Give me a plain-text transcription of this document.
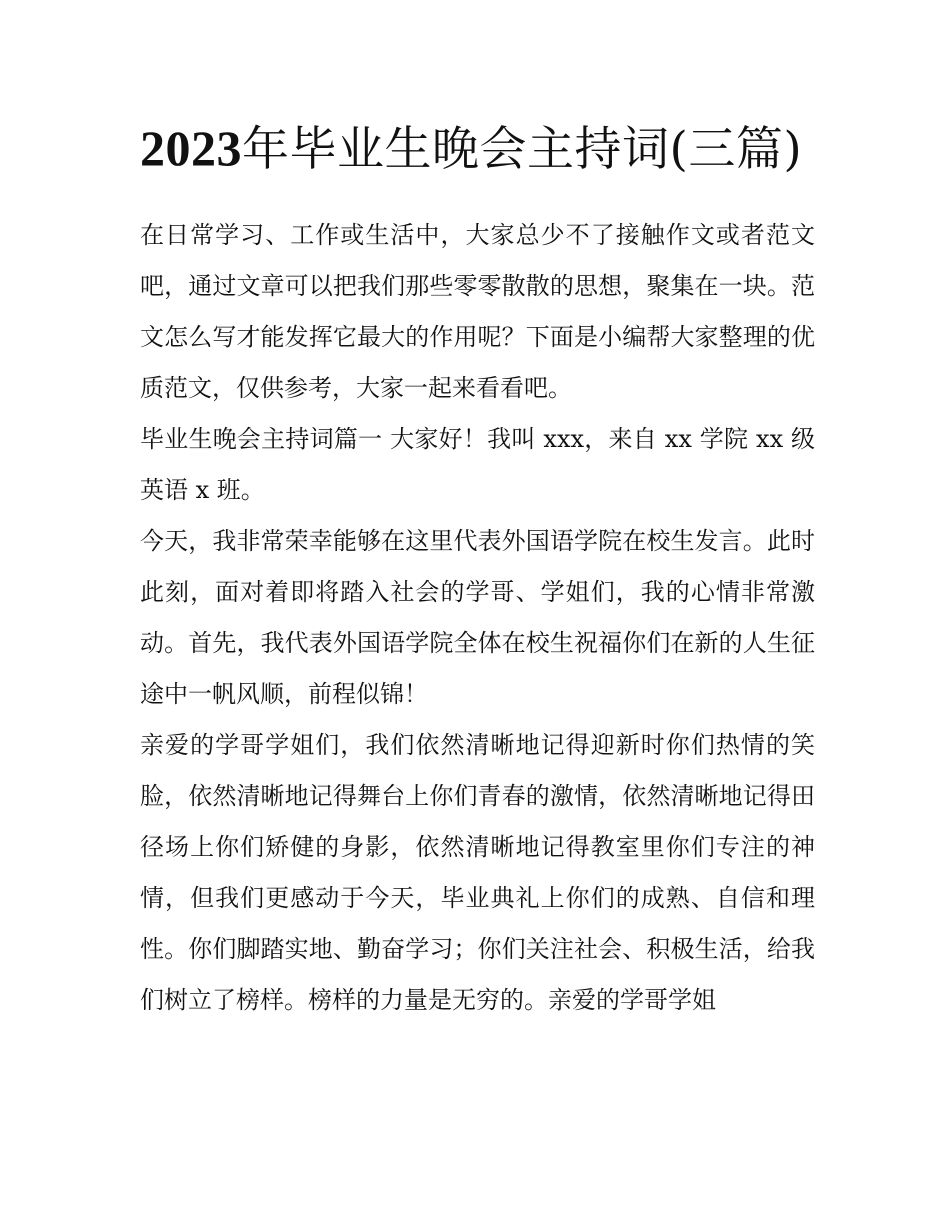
2023年毕业生晚会主持词(三篇)

在日常学习、工作或生活中，大家总少不了接触作文或者范文吧，通过文章可以把我们那些零零散散的思想，聚集在一块。范文怎么写才能发挥它最大的作用呢？下面是小编帮大家整理的优质范文，仅供参考，大家一起来看看吧。

毕业生晚会主持词篇一 大家好！我叫 xxx，来自 xx 学院 xx 级英语 x 班。

今天，我非常荣幸能够在这里代表外国语学院在校生发言。此时此刻，面对着即将踏入社会的学哥、学姐们，我的心情非常激动。首先，我代表外国语学院全体在校生祝福你们在新的人生征途中一帆风顺，前程似锦！

亲爱的学哥学姐们，我们依然清晰地记得迎新时你们热情的笑脸，依然清晰地记得舞台上你们青春的激情，依然清晰地记得田径场上你们矫健的身影，依然清晰地记得教室里你们专注的神情，但我们更感动于今天，毕业典礼上你们的成熟、自信和理性。你们脚踏实地、勤奋学习；你们关注社会、积极生活，给我们树立了榜样。榜样的力量是无穷的。亲爱的学哥学姐
